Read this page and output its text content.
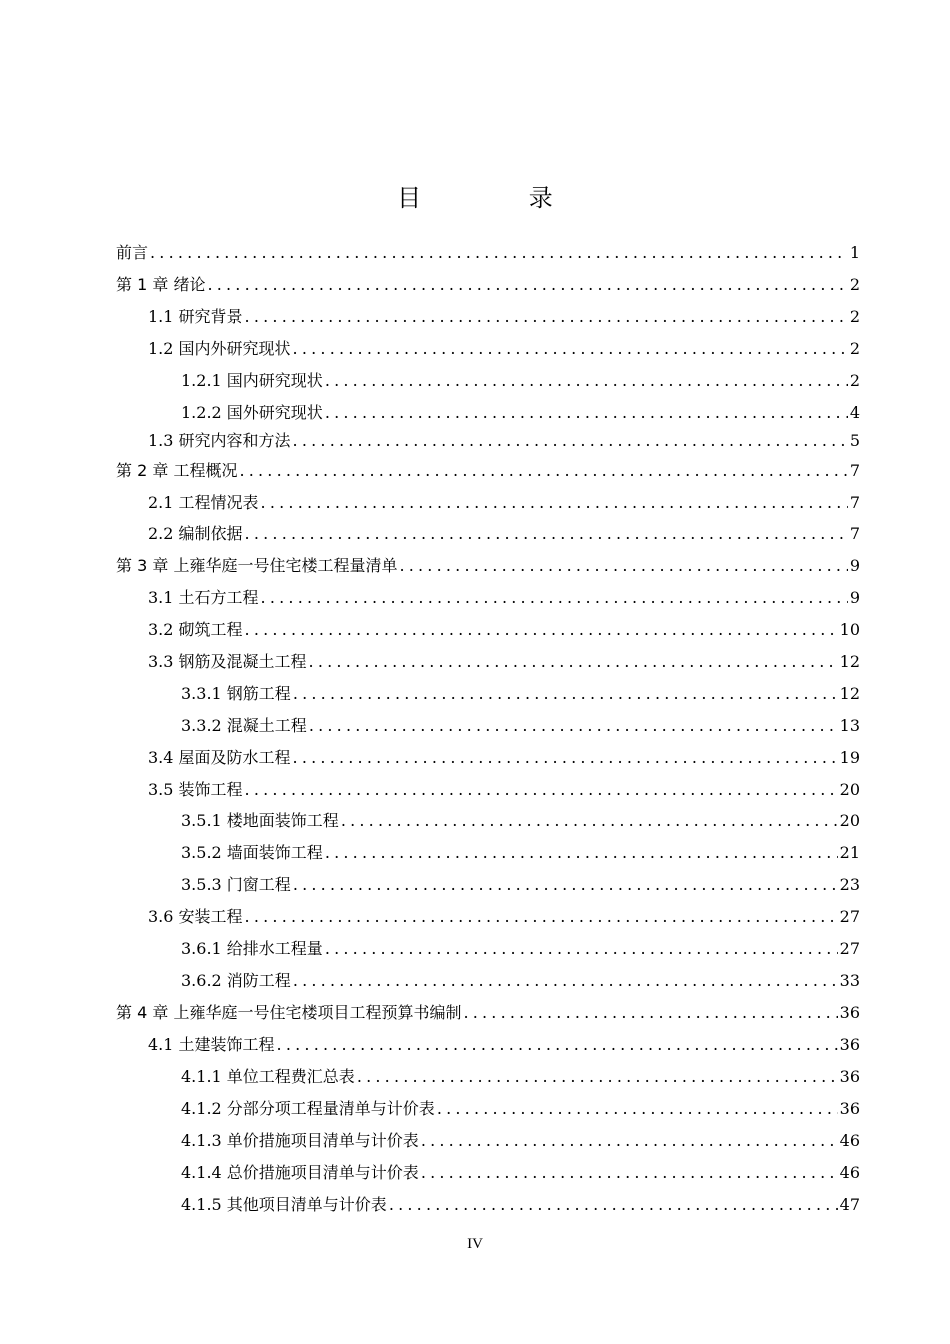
目 录
前言 .....	1
第 1 章 绪论 .....	2
1.1 研究背景 .....	2
1.2 国内外研究现状 .....	2
1.2.1 国内研究现状 .....	2
1.2.2 国外研究现状 .....	4
1.3 研究内容和方法 .....	5
第 2 章 工程概况 .....	7
2.1 工程情况表 .....	7
2.2 编制依据 .....	7
第 3 章 上雍华庭一号住宅楼工程量清单 .....	9
3.1 土石方工程 .....	9
3.2 砌筑工程 .....	10
3.3 钢筋及混凝土工程 .....	12
3.3.1 钢筋工程 .....	12
3.3.2 混凝土工程 .....	13
3.4 屋面及防水工程 .....	19
3.5 装饰工程 .....	20
3.5.1 楼地面装饰工程 .....	20
3.5.2 墙面装饰工程 .....	21
3.5.3 门窗工程 .....	23
3.6 安装工程 .....	27
3.6.1 给排水工程量 .....	27
3.6.2 消防工程 .....	33
第 4 章 上雍华庭一号住宅楼项目工程预算书编制 .....	36
4.1 土建装饰工程 .....	36
4.1.1 单位工程费汇总表 .....	36
4.1.2 分部分项工程量清单与计价表 .....	36
4.1.3 单价措施项目清单与计价表 .....	46
4.1.4 总价措施项目清单与计价表 .....	46
4.1.5 其他项目清单与计价表 .....	47
IV
